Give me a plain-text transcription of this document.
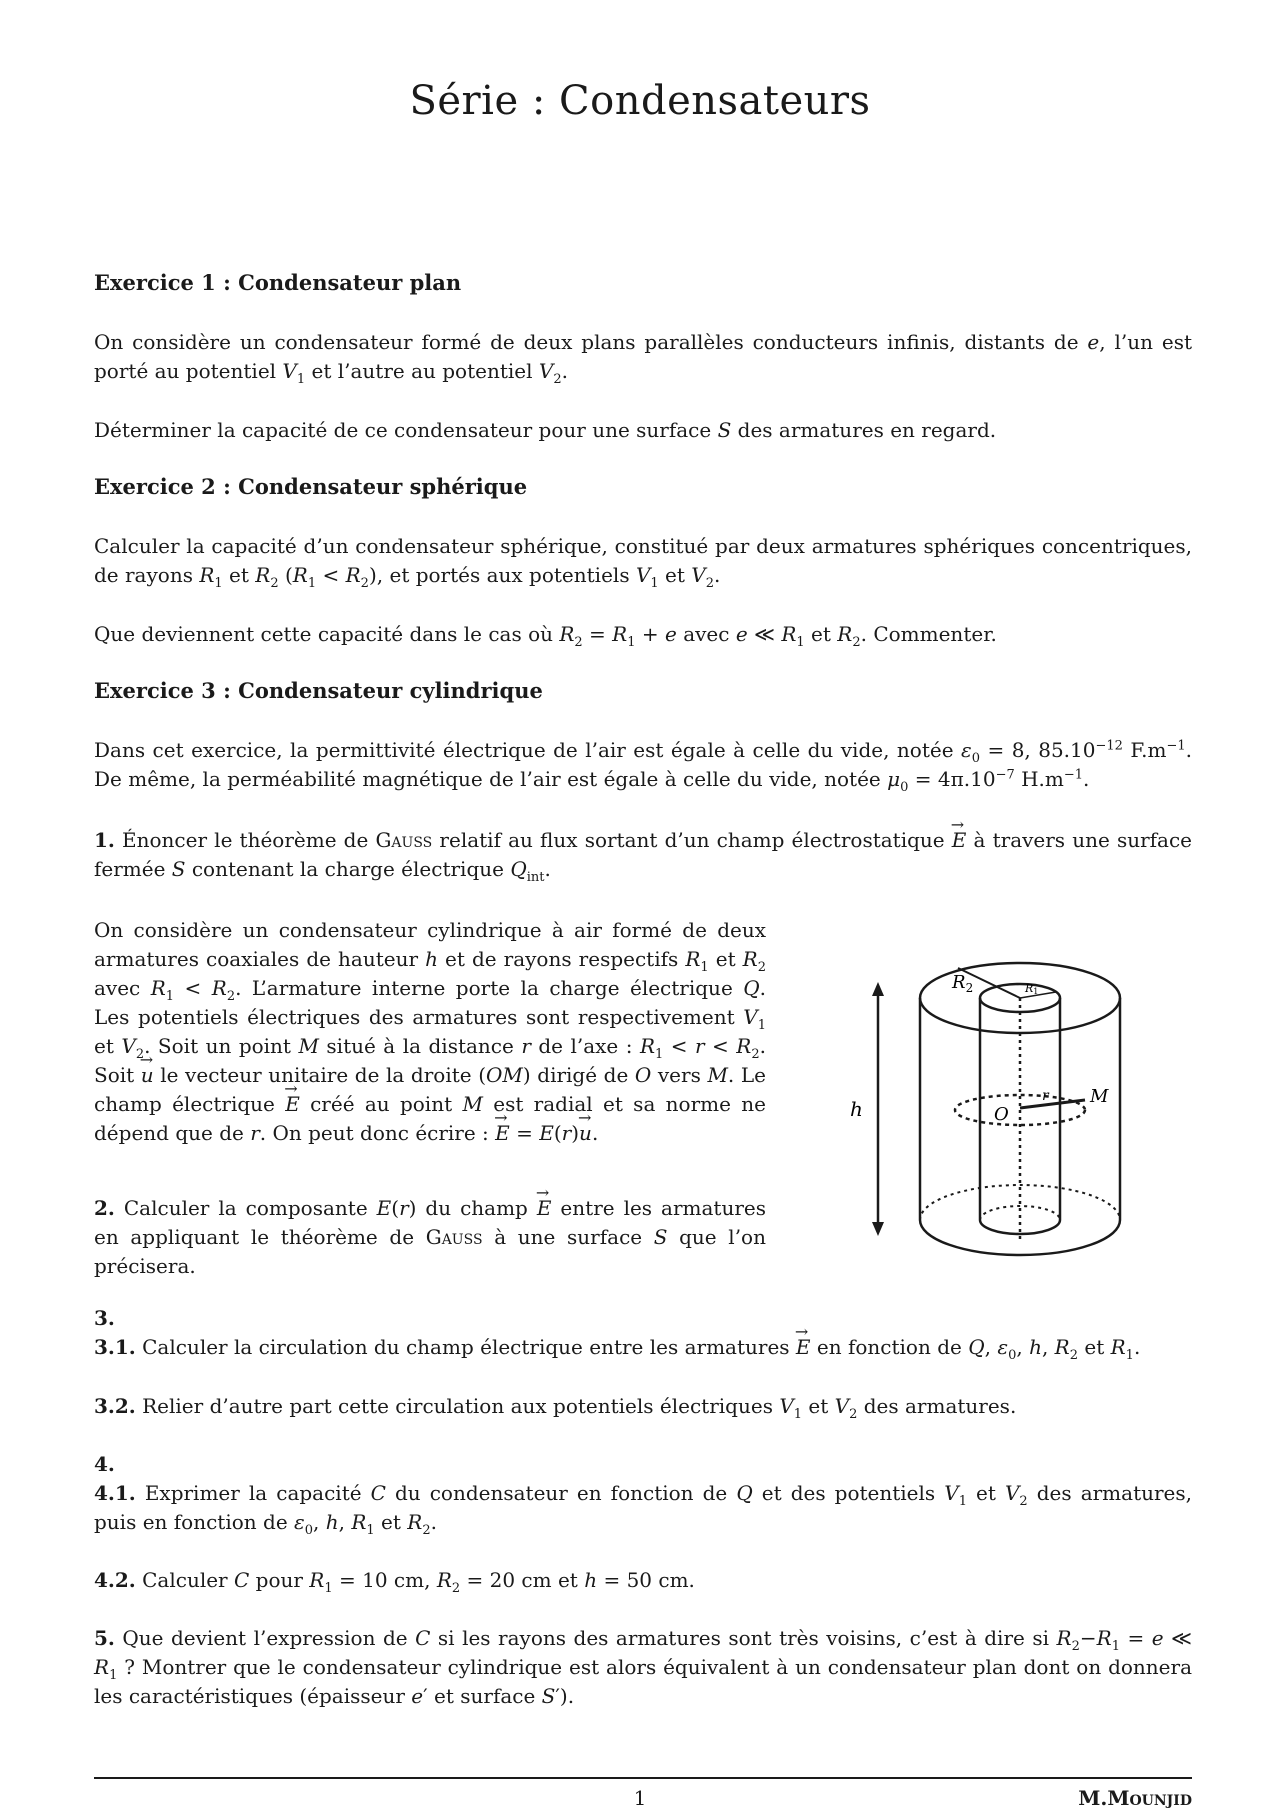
Série : Condensateurs
Exercice 1 : Condensateur plan
On considère un condensateur formé de deux plans parallèles conducteurs infinis, distants de e, l’un est porté au potentiel $V_1$ et l’autre au potentiel $V_2$.
Déterminer la capacité de ce condensateur pour une surface S des armatures en regard.
Exercice 2 : Condensateur sphérique
Calculer la capacité d’un condensateur sphérique, constitué par deux armatures sphériques concentriques, de rayons $R_1$ et $R_2$ $(R_1 < R_2)$, et portés aux potentiels $V_1$ et $V_2$.
Que deviennent cette capacité dans le cas où $R_2 = R_1 + e$ avec e ≪ $R_1$ et $R_2$. Commenter.
Exercice 3 : Condensateur cylindrique
Dans cet exercice, la permittivité électrique de l’air est égale à celle du vide, notée $\varepsilon_0 = 8$, $85.10^{-12}$ $F.m^{-1}$. De même, la perméabilité magnétique de l’air est égale à celle du vide, notée $\mu_0 = 4\pi.10^{-7}$ $H.m^{-1}$.
1. Énoncer le théorème de Gauss relatif au flux sortant d’un champ électrostatique → E à travers une surface fermée S contenant la charge électrique $Q_{int}$.
On considère un condensateur cylindrique à air formé de deux armatures coaxiales de hauteur h et de rayons respectifs $R_1$ et $R_2$ avec $R_1 < R_2$. L’armature interne porte la charge électrique Q. Les potentiels électriques des armatures sont respectivement $V_1$ et $V_2$. Soit un point M situé à la distance r de l’axe : $R_1 < r < R_2$. Soit → u le vecteur unitaire de la droite (OM) dirigé de O vers M. Le champ électrique → E créé au point M est radial et sa norme ne dépend que de r. On peut donc écrire : → E = E(r)→ u.
2. Calculer la composante E(r) du champ → E entre les armatures en appliquant le théorème de Gauss à une surface S que l’on précisera.
h
$R_2$	R1
O
r M
3.
3.1. Calculer la circulation du champ électrique entre les armatures → E en fonction de Q, $\varepsilon_0$, h, $R_2$ et $R_1$.
3.2. Relier d’autre part cette circulation aux potentiels électriques $V_1$ et $V_2$ des armatures.
4.
4.1. Exprimer la capacité C du condensateur en fonction de Q et des potentiels $V_1$ et $V_2$ des armatures, puis en fonction de $\varepsilon_0$, h, $R_1$ et $R_2$.
4.2. Calculer C pour $R_1 = 10$ cm, $R_2 = 20$ cm et h = 50 cm.
5. Que devient l’expression de C si les rayons des armatures sont très voisins, c’est à dire si $R_2-R_1 = e$ ≪ $R_1$ ? Montrer que le condensateur cylindrique est alors équivalent à un condensateur plan dont on donnera les caractéristiques (épaisseur e′ et surface S′).
1	M.Mounjid
